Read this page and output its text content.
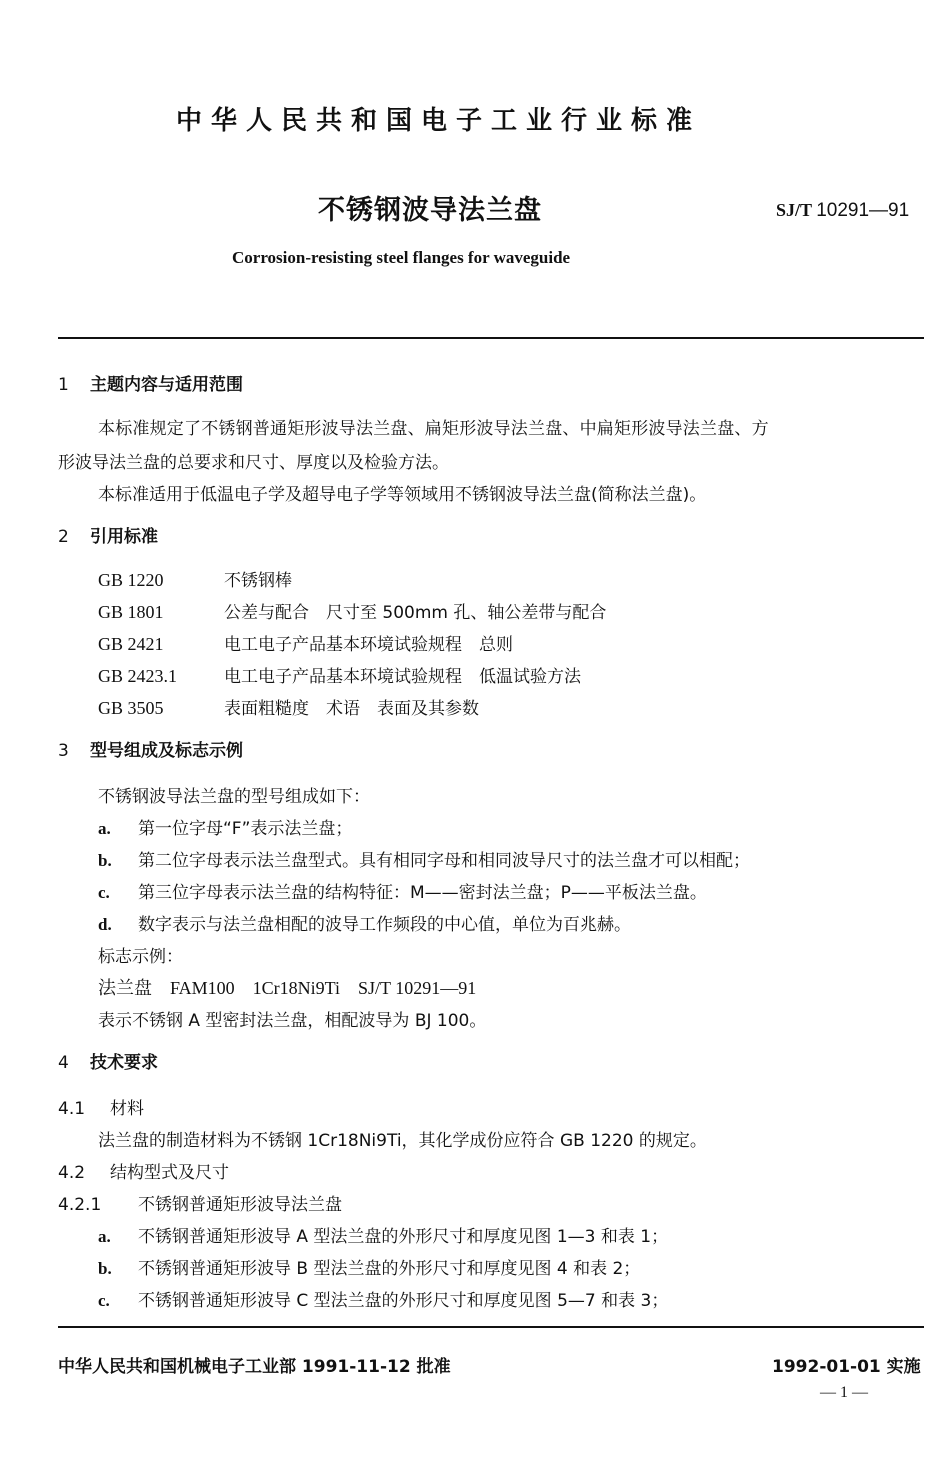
中华人民共和国电子工业行业标准
不锈钢波导法兰盘	SJ/T 10291—91
Corrosion-resisting steel flanges for waveguide
1 主题内容与适用范围
本标准规定了不锈钢普通矩形波导法兰盘、扁矩形波导法兰盘、中扁矩形波导法兰盘、方
形波导法兰盘的总要求和尺寸、厚度以及检验方法。
本标准适用于低温电子学及超导电子学等领域用不锈钢波导法兰盘(简称法兰盘)。
2 引用标准
GB 1220	不锈钢棒
GB 1801	公差与配合　尺寸至 500mm 孔、轴公差带与配合
GB 2421	电工电子产品基本环境试验规程　总则
GB 2423.1	电工电子产品基本环境试验规程　低温试验方法
GB 3505	表面粗糙度　术语　表面及其参数
3 型号组成及标志示例
不锈钢波导法兰盘的型号组成如下：
a. 第一位字母“F”表示法兰盘；
b. 第二位字母表示法兰盘型式。具有相同字母和相同波导尺寸的法兰盘才可以相配；
c. 第三位字母表示法兰盘的结构特征：M——密封法兰盘；P——平板法兰盘。
d. 数字表示与法兰盘相配的波导工作频段的中心值，单位为百兆赫。
标志示例：
法兰盘　FAM100　1Cr18Ni9Ti　SJ/T 10291—91
表示不锈钢 A 型密封法兰盘，相配波导为 BJ 100。
4 技术要求
4.1 材料
法兰盘的制造材料为不锈钢 1Cr18Ni9Ti，其化学成份应符合 GB 1220 的规定。
4.2 结构型式及尺寸
4.2.1 不锈钢普通矩形波导法兰盘
a. 不锈钢普通矩形波导 A 型法兰盘的外形尺寸和厚度见图 1—3 和表 1；
b. 不锈钢普通矩形波导 B 型法兰盘的外形尺寸和厚度见图 4 和表 2；
c. 不锈钢普通矩形波导 C 型法兰盘的外形尺寸和厚度见图 5—7 和表 3；
中华人民共和国机械电子工业部 1991-11-12 批准	1992-01-01 实施
— 1 —
